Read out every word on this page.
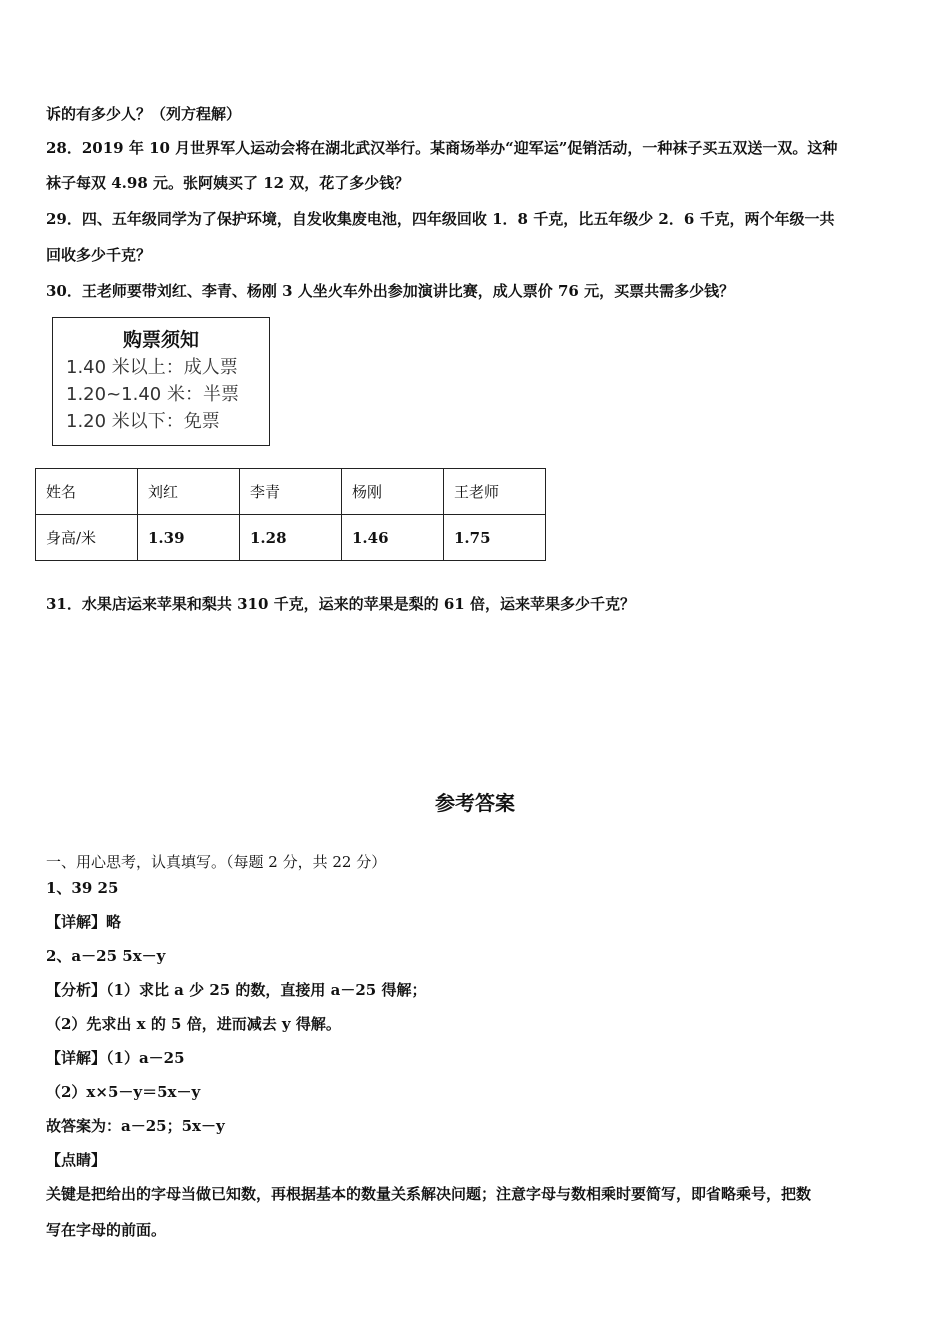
诉的有多少人？（列方程解）
28．2019 年 10 月世界军人运动会将在湖北武汉举行。某商场举办“迎军运”促销活动，一种袜子买五双送一双。这种
袜子每双 4.98 元。张阿姨买了 12 双，花了多少钱？
29．四、五年级同学为了保护环境，自发收集废电池，四年级回收 1．8 千克，比五年级少 2．6 千克，两个年级一共
回收多少千克？
30．王老师要带刘红、李青、杨刚 3 人坐火车外出参加演讲比赛，成人票价 76 元，买票共需多少钱？
购票须知
1.40 米以上：成人票
1.20~1.40 米：半票
1.20 米以下：免票
姓名	刘红	李青	杨刚	王老师
身高/米	1.39	1.28	1.46	1.75
31．水果店运来苹果和梨共 310 千克，运来的苹果是梨的 61 倍，运来苹果多少千克？
参考答案
一、用心思考，认真填写。（每题 2 分，共 22 分）
1、39 25
【详解】略
2、a－25 5x－y
【分析】（1）求比 a 少 25 的数，直接用 a－25 得解；
（2）先求出 x 的 5 倍，进而减去 y 得解。
【详解】（1）a－25
（2）x×5－y＝5x－y
故答案为：a－25；5x－y
【点睛】
关键是把给出的字母当做已知数，再根据基本的数量关系解决问题；注意字母与数相乘时要简写，即省略乘号，把数
写在字母的前面。
